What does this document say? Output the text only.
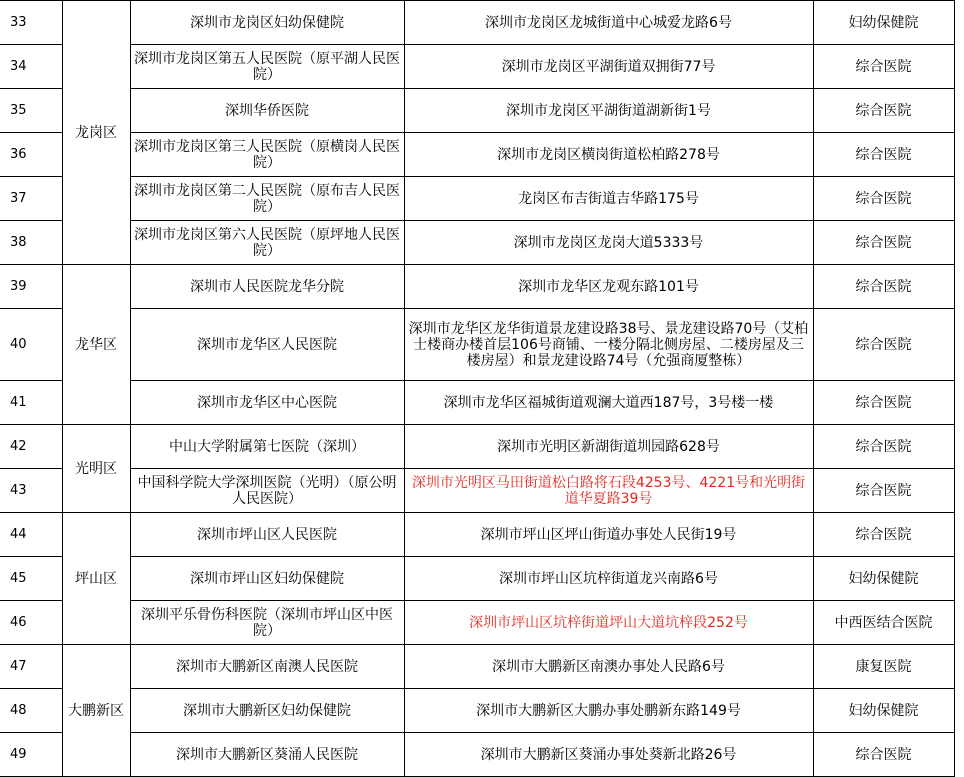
33	龙岗区	深圳市龙岗区妇幼保健院	深圳市龙岗区龙城街道中心城爱龙路6号	妇幼保健院
34		深圳市龙岗区第五人民医院（原平湖人民医院）	深圳市龙岗区平湖街道双拥街77号	综合医院
35		深圳华侨医院	深圳市龙岗区平湖街道湖新街1号	综合医院
36		深圳市龙岗区第三人民医院（原横岗人民医院）	深圳市龙岗区横岗街道松柏路278号	综合医院
37		深圳市龙岗区第二人民医院（原布吉人民医院）	龙岗区布吉街道吉华路175号	综合医院
38		深圳市龙岗区第六人民医院（原坪地人民医院）	深圳市龙岗区龙岗大道5333号	综合医院
39	龙华区	深圳市人民医院龙华分院	深圳市龙华区龙观东路101号	综合医院
40		深圳市龙华区人民医院	深圳市龙华区龙华街道景龙建设路38号、景龙建设路70号（艾柏士楼商办楼首层106号商铺、一楼分隔北侧房屋、二楼房屋及三楼房屋）和景龙建设路74号（允强商厦整栋）	综合医院
41		深圳市龙华区中心医院	深圳市龙华区福城街道观澜大道西187号，3号楼一楼	综合医院
42	光明区	中山大学附属第七医院（深圳）	深圳市光明区新湖街道圳园路628号	综合医院
43		中国科学院大学深圳医院（光明）（原公明人民医院）	深圳市光明区马田街道松白路将石段4253号、4221号和光明街道华夏路39号	综合医院
44	坪山区	深圳市坪山区人民医院	深圳市坪山区坪山街道办事处人民街19号	综合医院
45		深圳市坪山区妇幼保健院	深圳市坪山区坑梓街道龙兴南路6号	妇幼保健院
46		深圳平乐骨伤科医院（深圳市坪山区中医院）	深圳市坪山区坑梓街道坪山大道坑梓段252号	中西医结合医院
47	大鹏新区	深圳市大鹏新区南澳人民医院	深圳市大鹏新区南澳办事处人民路6号	康复医院
48		深圳市大鹏新区妇幼保健院	深圳市大鹏新区大鹏办事处鹏新东路149号	妇幼保健院
49		深圳市大鹏新区葵涌人民医院	深圳市大鹏新区葵涌办事处葵新北路26号	综合医院
